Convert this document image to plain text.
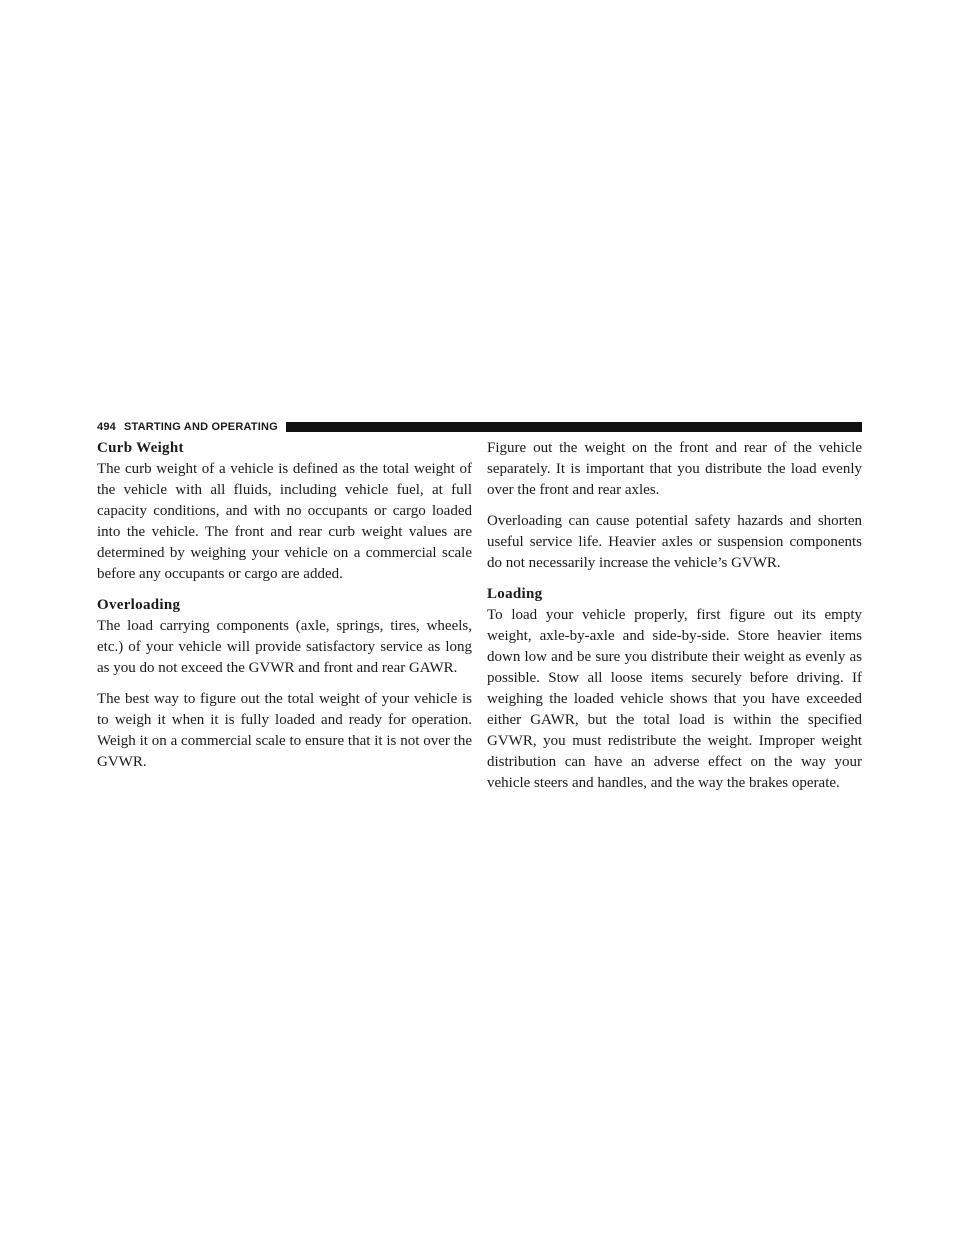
494 STARTING AND OPERATING

Curb Weight

The curb weight of a vehicle is defined as the total weight of the vehicle with all fluids, including vehicle fuel, at full capacity conditions, and with no occupants or cargo loaded into the vehicle. The front and rear curb weight values are determined by weighing your vehicle on a commercial scale before any occupants or cargo are added.

Overloading

The load carrying components (axle, springs, tires, wheels, etc.) of your vehicle will provide satisfactory service as long as you do not exceed the GVWR and front and rear GAWR.

The best way to figure out the total weight of your vehicle is to weigh it when it is fully loaded and ready for operation. Weigh it on a commercial scale to ensure that it is not over the GVWR.

Figure out the weight on the front and rear of the vehicle separately. It is important that you distribute the load evenly over the front and rear axles.

Overloading can cause potential safety hazards and shorten useful service life. Heavier axles or suspension components do not necessarily increase the vehicle’s GVWR.

Loading

To load your vehicle properly, first figure out its empty weight, axle-by-axle and side-by-side. Store heavier items down low and be sure you distribute their weight as evenly as possible. Stow all loose items securely before driving. If weighing the loaded vehicle shows that you have exceeded either GAWR, but the total load is within the specified GVWR, you must redistribute the weight. Improper weight distribution can have an adverse effect on the way your vehicle steers and handles, and the way the brakes operate.
